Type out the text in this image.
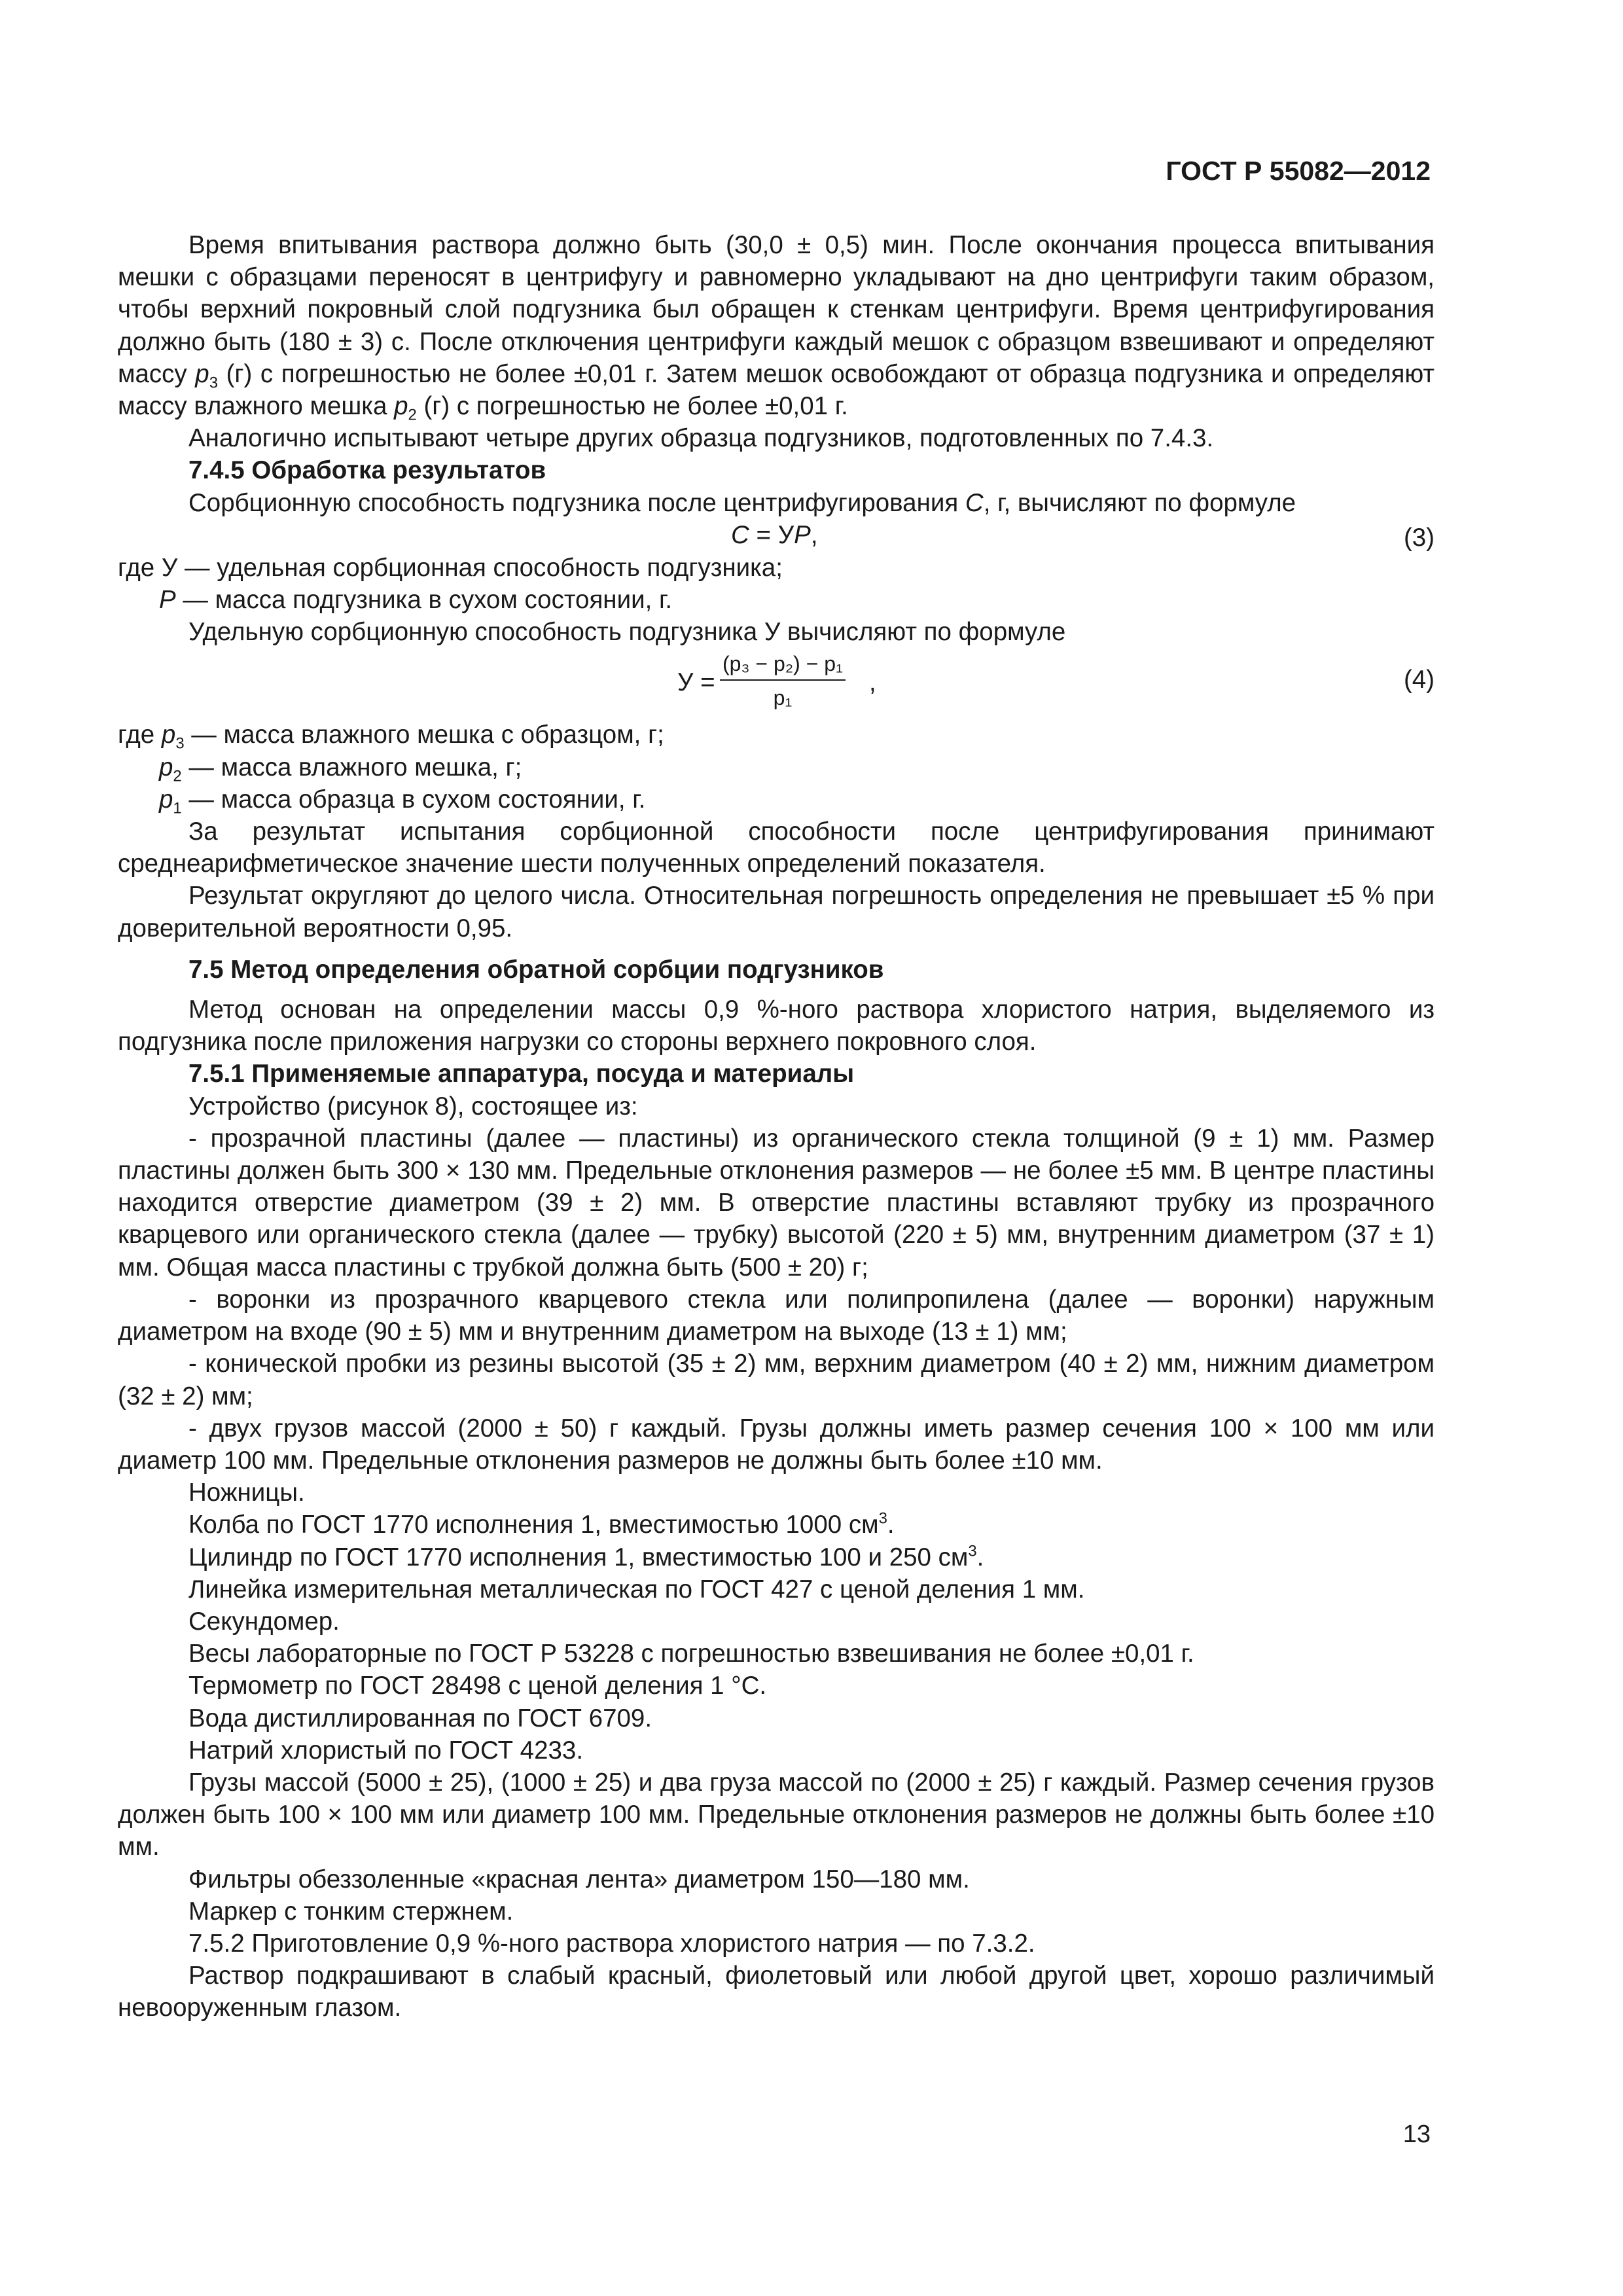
ГОСТ Р 55082—2012

Время впитывания раствора должно быть (30,0 ± 0,5) мин. После окончания процесса впитывания мешки с образцами переносят в центрифугу и равномерно укладывают на дно центрифуги таким образом, чтобы верхний покровный слой подгузника был обращен к стенкам центрифуги. Время центрифугирования должно быть (180 ± 3) с. После отключения центрифуги каждый мешок с образцом взвешивают и определяют массу $p_3$ (г) с погрешностью не более ±0,01 г. Затем мешок освобождают от образца подгузника и определяют массу влажного мешка $p_2$ (г) с погрешностью не более ±0,01 г.

Аналогично испытывают четыре других образца подгузников, подготовленных по 7.4.3.

7.4.5 Обработка результатов

Сорбционную способность подгузника после центрифугирования C, г, вычисляют по формуле

C = УP,	(3)

где У — удельная сорбционная способность подгузника;

P — масса подгузника в сухом состоянии, г.

Удельную сорбционную способность подгузника У вычисляют по формуле

$У = \frac{\text{(p₃ − p₂) − p₁}}{\text{p₁}}$ ,	(4)

где $p_3$ — масса влажного мешка с образцом, г;

$p_2$ — масса влажного мешка, г;

$p_1$ — масса образца в сухом состоянии, г.

За результат испытания сорбционной способности после центрифугирования принимают среднеарифметическое значение шести полученных определений показателя.

Результат округляют до целого числа. Относительная погрешность определения не превышает ±5 % при доверительной вероятности 0,95.

7.5 Метод определения обратной сорбции подгузников

Метод основан на определении массы 0,9 %-ного раствора хлористого натрия, выделяемого из подгузника после приложения нагрузки со стороны верхнего покровного слоя.

7.5.1 Применяемые аппаратура, посуда и материалы

Устройство (рисунок 8), состоящее из:

- прозрачной пластины (далее — пластины) из органического стекла толщиной (9 ± 1) мм. Размер пластины должен быть 300 × 130 мм. Предельные отклонения размеров — не более ±5 мм. В центре пластины находится отверстие диаметром (39 ± 2) мм. В отверстие пластины вставляют трубку из прозрачного кварцевого или органического стекла (далее — трубку) высотой (220 ± 5) мм, внутренним диаметром (37 ± 1) мм. Общая масса пластины с трубкой должна быть (500 ± 20) г;

- воронки из прозрачного кварцевого стекла или полипропилена (далее — воронки) наружным диаметром на входе (90 ± 5) мм и внутренним диаметром на выходе (13 ± 1) мм;

- конической пробки из резины высотой (35 ± 2) мм, верхним диаметром (40 ± 2) мм, нижним диаметром (32 ± 2) мм;

- двух грузов массой (2000 ± 50) г каждый. Грузы должны иметь размер сечения 100 × 100 мм или диаметр 100 мм. Предельные отклонения размеров не должны быть более ±10 мм.

Ножницы.

Колба по ГОСТ 1770 исполнения 1, вместимостью 1000 $см^3$.

Цилиндр по ГОСТ 1770 исполнения 1, вместимостью 100 и 250 $см^3$.

Линейка измерительная металлическая по ГОСТ 427 с ценой деления 1 мм.

Секундомер.

Весы лабораторные по ГОСТ Р 53228 с погрешностью взвешивания не более ±0,01 г.

Термометр по ГОСТ 28498 с ценой деления 1 °С.

Вода дистиллированная по ГОСТ 6709.

Натрий хлористый по ГОСТ 4233.

Грузы массой (5000 ± 25), (1000 ± 25) и два груза массой по (2000 ± 25) г каждый. Размер сечения грузов должен быть 100 × 100 мм или диаметр 100 мм. Предельные отклонения размеров не должны быть более ±10 мм.

Фильтры обеззоленные «красная лента» диаметром 150—180 мм.

Маркер с тонким стержнем.

7.5.2 Приготовление 0,9 %-ного раствора хлористого натрия — по 7.3.2.

Раствор подкрашивают в слабый красный, фиолетовый или любой другой цвет, хорошо различимый невооруженным глазом.

13
